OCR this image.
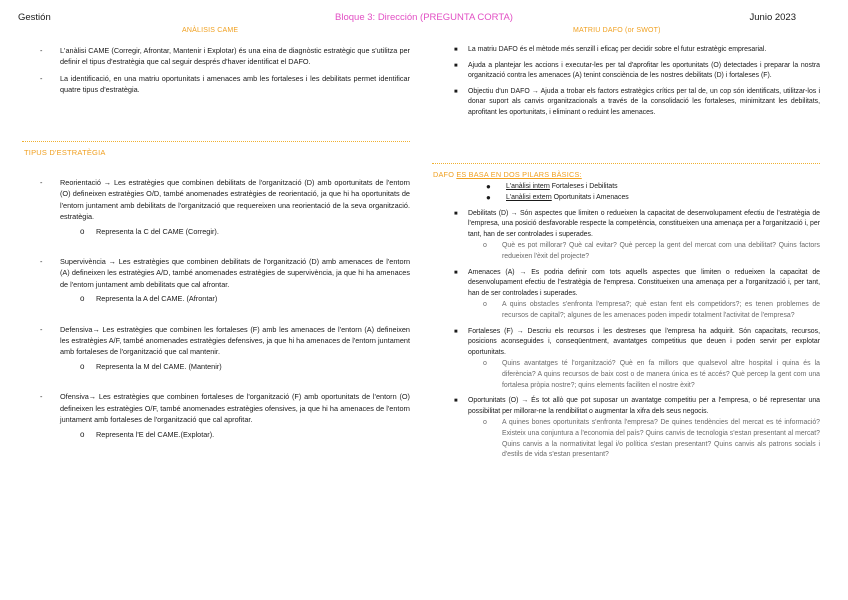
Gestión	Bloque 3: Dirección (PREGUNTA CORTA)	Junio 2023
ANÀLISIS CAME
- L'anàlisi CAME (Corregir, Afrontar, Mantenir i Explotar) és una eina de diagnòstic estratègic que s'utilitza per definir el tipus d'estratègia que cal seguir després d'haver identificat el DAFO.

- La identificació, en una matriu oportunitats i amenaces amb les fortaleses i les debilitats permet identificar quatre tipus d'estratègia.

TIPUS D'ESTRATÈGIA
- Reorientació → Les estratègies que combinen debilitats de l'organització (D) amb oportunitats de l'entorn (O) defineixen estratègies O/D, també anomenades estratègies de reorientació, ja que hi ha oportunitats de l'entorn juntament amb debilitats de l'organització que requereixen una reorientació de la seva organització. estratègia.

o Representa la C del CAME (Corregir).

- Supervivència → Les estratègies que combinen debilitats de l'organització (D) amb amenaces de l'entorn (A) defineixen les estratègies A/D, també anomenades estratègies de supervivència, ja que hi ha amenaces de l'entorn juntament amb debilitats que cal afrontar.

o Representa la A del CAME. (Afrontar)

- Defensiva→ Les estratègies que combinen les fortaleses (F) amb les amenaces de l'entorn (A) defineixen les estratègies A/F, també anomenades estratègies defensives, ja que hi ha amenaces de l'entorn juntament amb fortaleses de l'organització que cal mantenir.

o Representa la M del CAME. (Mantenir)

- Ofensiva→ Les estratègies que combinen fortaleses de l'organització (F) amb oportunitats de l'entorn (O) defineixen les estratègies O/F, també anomenades estratègies ofensives, ja que hi ha amenaces de l'entorn juntament amb fortaleses de l'organització que cal aprofitar.

o Representa l'E del CAME.(Explotar).

MATRIU DAFO (or SWOT)
■ La matriu DAFO és el mètode més senzill i eficaç per decidir sobre el futur estratègic empresarial.

■ Ajuda a plantejar les accions i executar-les per tal d'aprofitar les oportunitats (O) detectades i preparar la nostra organització contra les amenaces (A) tenint consciència de les nostres debilitats (D) i fortaleses (F).

■ Objectiu d'un DAFO → Ajuda a trobar els factors estratègics crítics per tal de, un cop són identificats, utilitzar-los i donar suport als canvis organitzacionals a través de la consolidació les fortaleses, minimitzant les debilitats, aprofitant les oportunitats, i eliminant o reduint les amenaces.

DAFO ES BASA EN DOS PILARS BÀSICS:
● L'anàlisi intern Fortaleses i Debilitats
● L'anàlisi extern Oportunitats i Amenaces
■ Debilitats (D) → Són aspectes que limiten o redueixen la capacitat de desenvolupament efectiu de l'estratègia de l'empresa, una posició desfavorable respecte la competència, constitueixen una amenaça per a l'organització i, per tant, han de ser controlades i superades.

o Què es pot millorar? Què cal evitar? Què percep la gent del mercat com una debilitat? Quins factors redueixen l'èxit del projecte?

■ Amenaces (A) → Es podria definir com tots aquells aspectes que limiten o redueixen la capacitat de desenvolupament efectiu de l'estratègia de l'empresa. Constitueixen una amenaça per a l'organització i, per tant, han de ser controlades i superades.

o A quins obstacles s'enfronta l'empresa?; què estan fent els competidors?; es tenen problemes de recursos de capital?; algunes de les amenaces poden impedir totalment l'activitat de l'empresa?

■ Fortaleses (F) → Descriu els recursos i les destreses que l'empresa ha adquirit. Són capacitats, recursos, posicions aconseguides i, conseqüentment, avantatges competitius que deuen i poden servir per explotar oportunitats.

o Quins avantatges té l'organització? Què en fa millors que qualsevol altre hospital i quina és la diferència? A quins recursos de baix cost o de manera única es té accés? Què percep la gent com una fortalesa pròpia nostre?; quins elements faciliten el nostre èxit?

■ Oportunitats (O) → És tot allò que pot suposar un avantatge competitiu per a l'empresa, o bé representar una possibilitat per millorar-ne la rendibilitat o augmentar la xifra dels seus negocis.

o A quines bones oportunitats s'enfronta l'empresa? De quines tendències del mercat es té informació? Existeix una conjuntura a l'economia del país? Quins canvis de tecnologia s'estan presentant al mercat? Quins canvis a la normativitat legal i/o política s'estan presentant? Quins canvis als patrons socials i d'estils de vida s'estan presentant?
